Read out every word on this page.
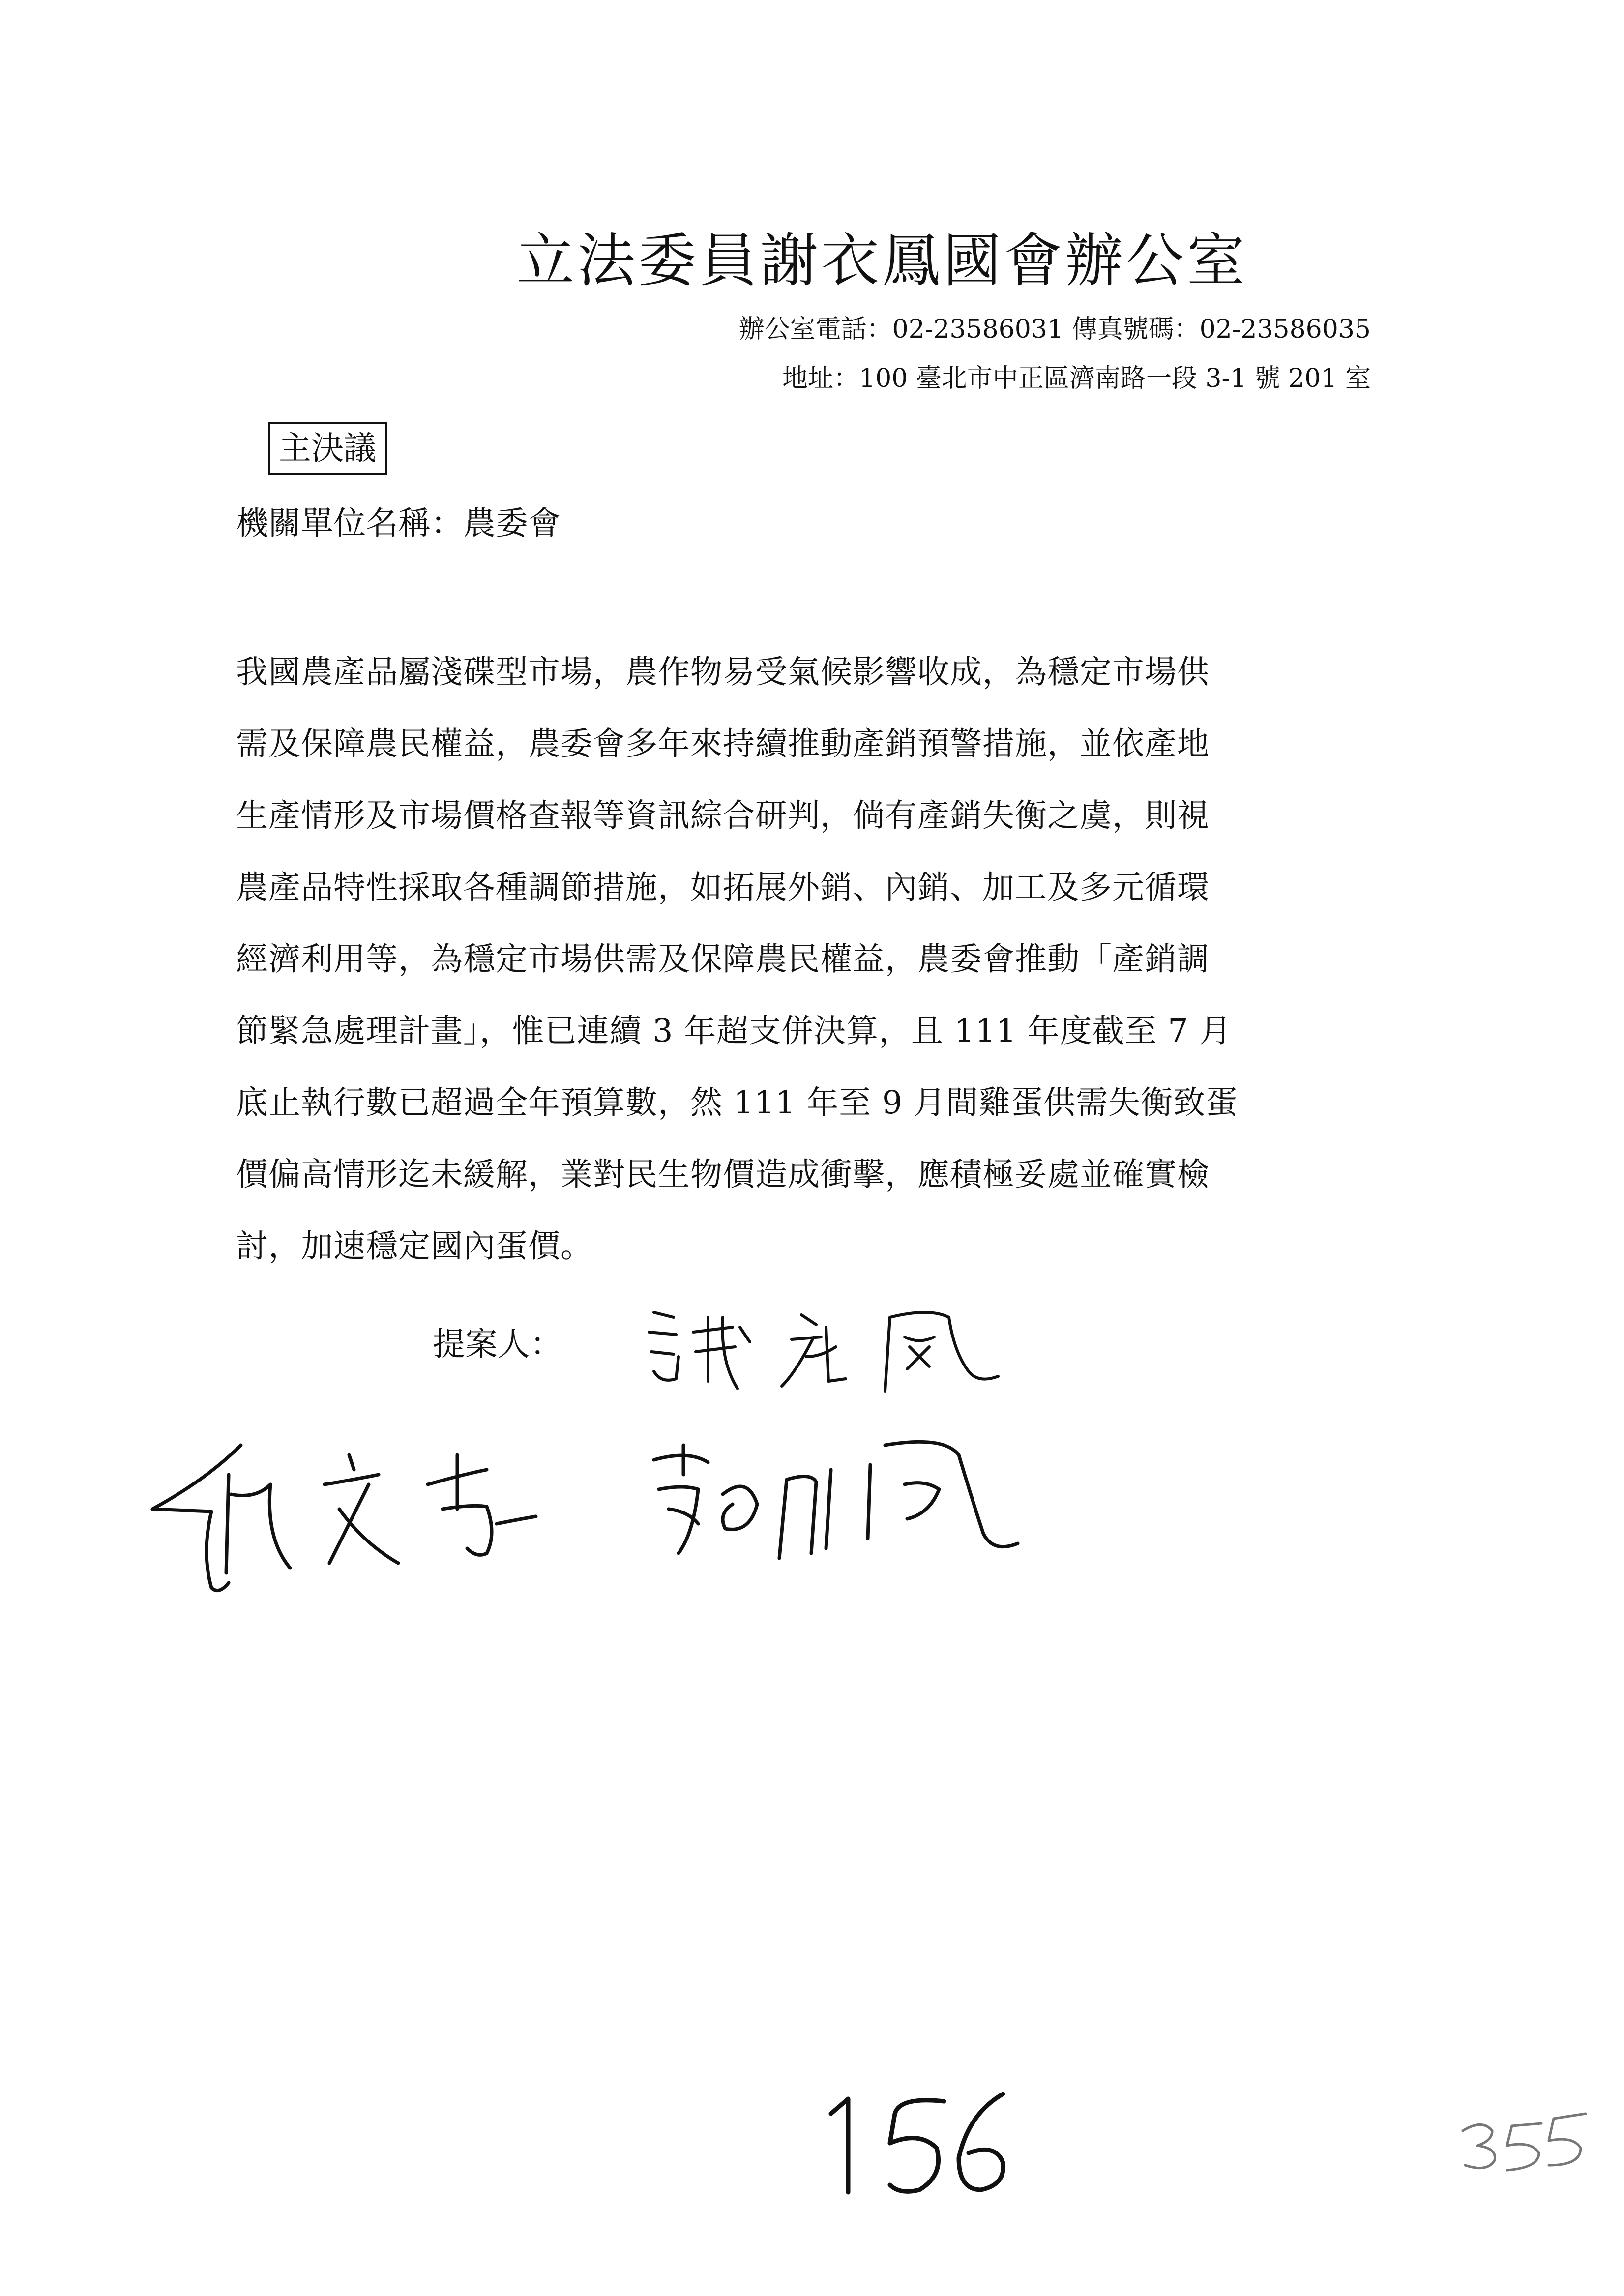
立法委員謝衣鳳國會辦公室
辦公室電話：02-23586031 傳真號碼：02-23586035
地址：100 臺北市中正區濟南路一段 3-1 號 201 室
主決議
機關單位名稱：農委會
我國農產品屬淺碟型市場，農作物易受氣候影響收成，為穩定市場供
需及保障農民權益，農委會多年來持續推動產銷預警措施，並依產地
生產情形及市場價格查報等資訊綜合研判，倘有產銷失衡之虞，則視
農產品特性採取各種調節措施，如拓展外銷、內銷、加工及多元循環
經濟利用等，為穩定市場供需及保障農民權益，農委會推動「產銷調
節緊急處理計畫」，惟已連續 3 年超支併決算，且 111 年度截至 7 月
底止執行數已超過全年預算數，然 111 年至 9 月間雞蛋供需失衡致蛋
價偏高情形迄未緩解，業對民生物價造成衝擊，應積極妥處並確實檢
討，加速穩定國內蛋價。
提案人：
